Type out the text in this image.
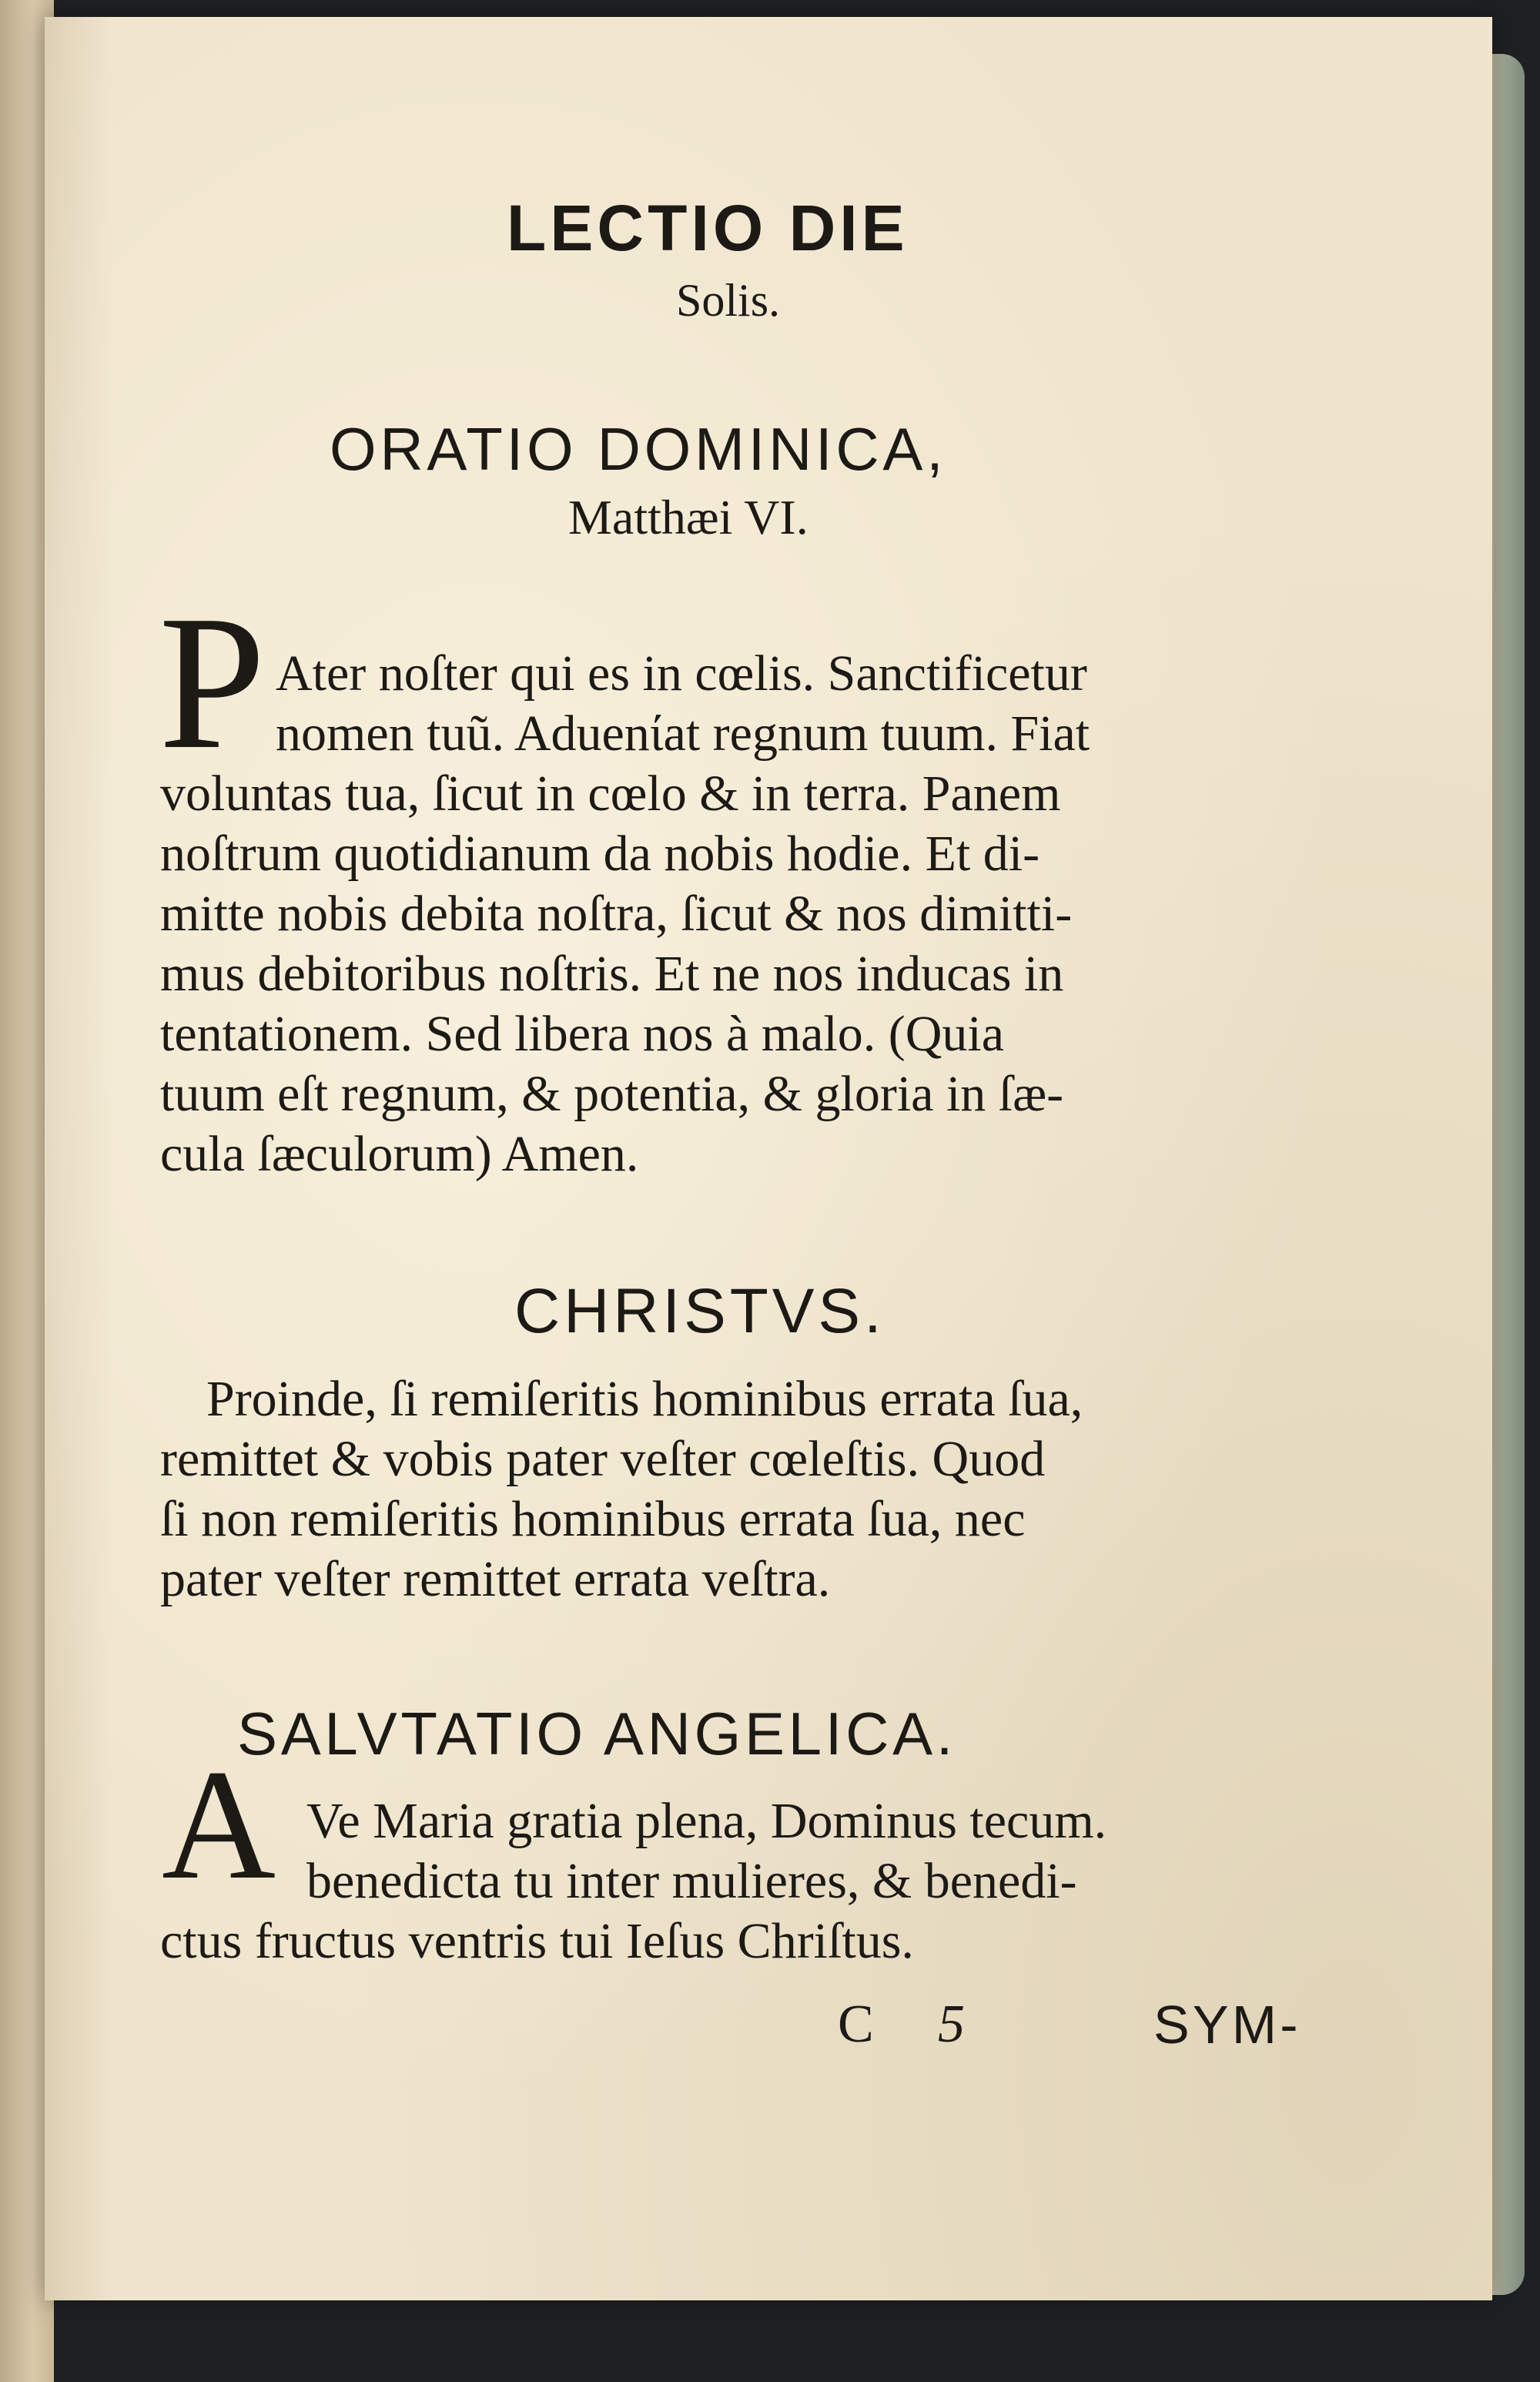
LECTIO DIE

Solis.

ORATIO DOMINICA,

Matthæi VI.

P Ater noſter qui es in cœlis. Sanctificetur

nomen tuũ. Aduenίat regnum tuum. Fiat

voluntas tua, ſicut in cœlo & in terra. Panem

noſtrum quotidianum da nobis hodie. Et di-

mitte nobis debita noſtra, ſicut & nos dimitti-

mus debitoribus noſtris. Et ne nos inducas in

tentationem. Sed libera nos à malo. (Quia

tuum eſt regnum, & potentia, & gloria in ſæ-

cula ſæculorum) Amen.

CHRISTVS.

Proinde, ſi remiſeritis hominibus errata ſua,

remittet & vobis pater veſter cœleſtis. Quod

ſi non remiſeritis hominibus errata ſua, nec

pater veſter remittet errata veſtra.

SALVTATIO ANGELICA.

A Ve Maria gratia plena, Dominus tecum.

benedicta tu inter mulieres, & benedi-

ctus fructus ventris tui Ieſus Chriſtus.

C 5	SYM-
